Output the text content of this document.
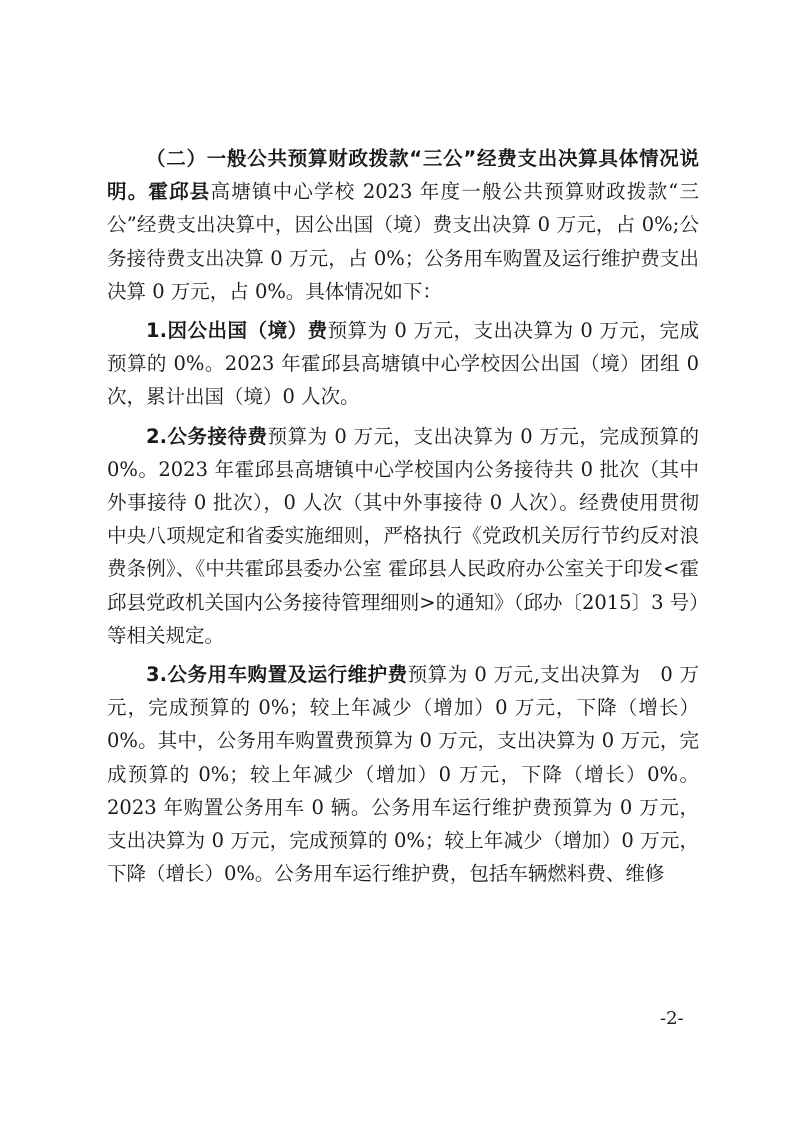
（二）一般公共预算财政拨款“三公”经费支出决算具体情况说明。霍邱县高塘镇中心学校 2023 年度一般公共预算财政拨款“三公”经费支出决算中，因公出国（境）费支出决算 0 万元，占 0%;公务接待费支出决算 0 万元，占 0%；公务用车购置及运行维护费支出决算 0 万元，占 0%。具体情况如下：

1.因公出国（境）费预算为 0 万元，支出决算为 0 万元，完成预算的 0%。2023 年霍邱县高塘镇中心学校因公出国（境）团组 0 次，累计出国（境）0 人次。

2.公务接待费预算为 0 万元，支出决算为 0 万元，完成预算的 0%。2023 年霍邱县高塘镇中心学校国内公务接待共 0 批次（其中外事接待 0 批次），0 人次（其中外事接待 0 人次）。经费使用贯彻中央八项规定和省委实施细则，严格执行《党政机关厉行节约反对浪费条例》、《中共霍邱县委办公室 霍邱县人民政府办公室关于印发<霍邱县党政机关国内公务接待管理细则>的通知》（邱办〔2015〕3 号）等相关规定。

3.公务用车购置及运行维护费预算为 0 万元,支出决算为　0 万元，完成预算的 0%；较上年减少（增加）0 万元，下降（增长）0%。其中，公务用车购置费预算为 0 万元，支出决算为 0 万元，完成预算的 0%；较上年减少（增加）0 万元，下降（增长）0%。2023 年购置公务用车 0 辆。公务用车运行维护费预算为 0 万元，支出决算为 0 万元，完成预算的 0%；较上年减少（增加）0 万元，下降（增长）0%。公务用车运行维护费，包括车辆燃料费、维修

-2-
